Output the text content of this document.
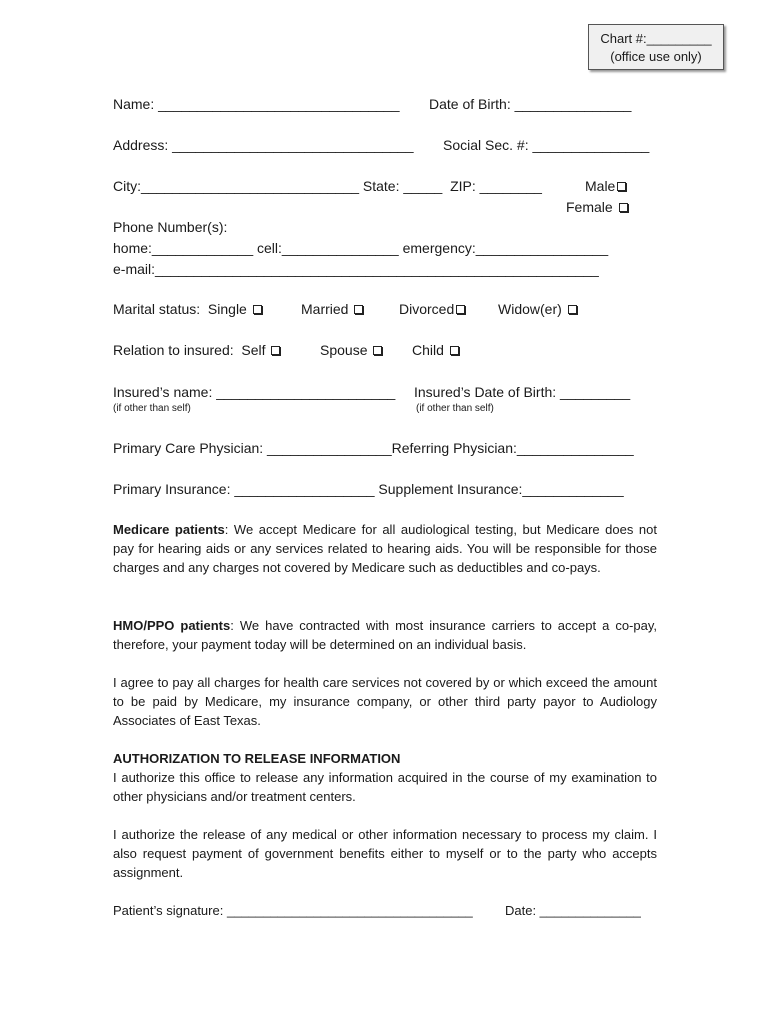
Chart #:_________
(office use only)
Name: _______________________________ Date of Birth: _______________
Address: _______________________________ Social Sec. #: _______________
City:____________________________ State: _____  ZIP: ________	Male
Female
Phone Number(s):
home:_____________ cell:_______________ emergency:_________________
e-mail:_________________________________________________________
Marital status:  Single	Married	Divorced	Widow(er)
Relation to insured:  Self	Spouse	Child
Insured’s name: _______________________ Insured’s Date of Birth: _________
(if other than self)	(if other than self)
Primary Care Physician: ________________Referring Physician:_______________
Primary Insurance: __________________ Supplement Insurance:_____________
Medicare patients: We accept Medicare for all audiological testing, but Medicare does not pay for hearing aids or any services related to hearing aids. You will be responsible for those charges and any charges not covered by Medicare such as deductibles and co-pays.
HMO/PPO patients: We have contracted with most insurance carriers to accept a co-pay, therefore, your payment today will be determined on an individual basis.
I agree to pay all charges for health care services not covered by or which exceed the amount to be paid by Medicare, my insurance company, or other third party payor to Audiology Associates of East Texas.
AUTHORIZATION TO RELEASE INFORMATION
I authorize this office to release any information acquired in the course of my examination to other physicians and/or treatment centers.
I authorize the release of any medical or other information necessary to process my claim. I also request payment of government benefits either to myself or to the party who accepts assignment.
Patient’s signature: __________________________________ Date: ______________
